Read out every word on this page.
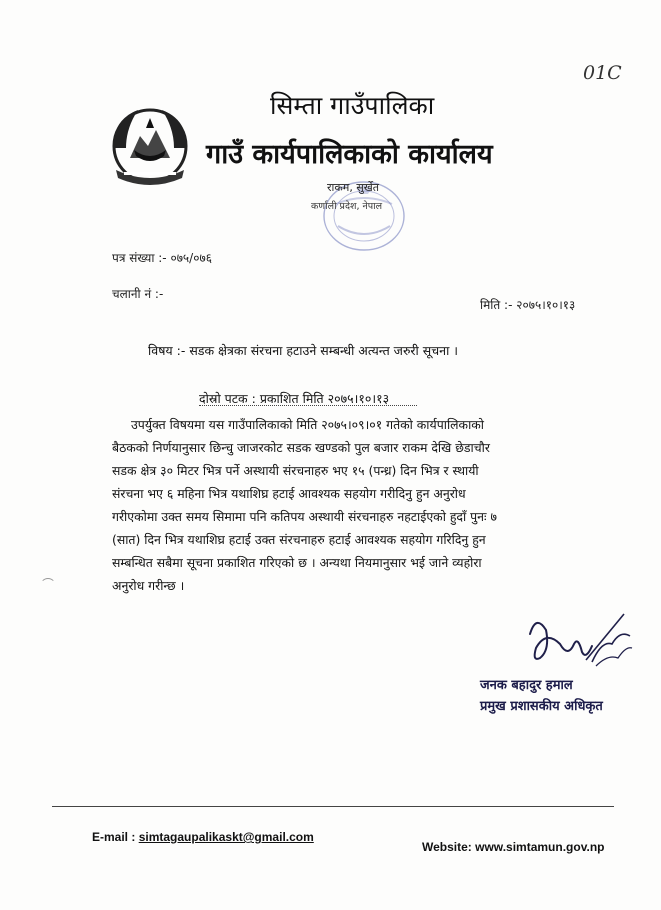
01C
सिम्ता गाउँपालिका
गाउँ कार्यपालिकाको कार्यालय
राकम, सुर्खेत
कर्णाली प्रदेश, नेपाल
पत्र संख्या :- ०७५/०७६
चलानी नं :-
मिति :- २०७५।१०।१३
विषय :- सडक क्षेत्रका संरचना हटाउने सम्बन्धी अत्यन्त जरुरी सूचना ।
दोस्रो पटक : प्रकाशित मिति २०७५।१०।१३
उपर्युक्त विषयमा यस गाउँपालिकाको मिति २०७५।०९।०१ गतेको कार्यपालिकाको
बैठकको निर्णयानुसार छिन्चु जाजरकोट सडक खण्डको पुल बजार राकम देखि छेडाचौर
सडक क्षेत्र ३० मिटर भित्र पर्ने अस्थायी संरचनाहरु भए १५ (पन्ध्र) दिन भित्र र स्थायी
संरचना भए ६ महिना भित्र यथाशिघ्र हटाई आवश्यक सहयोग गरीदिनु हुन अनुरोध
गरीएकोमा उक्त समय सिमामा पनि कतिपय अस्थायी संरचनाहरु नहटाईएको हुदाँ पुनः ७
(सात) दिन भित्र यथाशिघ्र हटाई उक्त संरचनाहरु हटाई आवश्यक सहयोग गरिदिनु हुन
सम्बन्धित सबैमा सूचना प्रकाशित गरिएको छ । अन्यथा नियमानुसार भई जाने व्यहोरा
अनुरोध गरीन्छ ।
जनक बहादुर हमाल
प्रमुख प्रशासकीय अधिकृत
E-mail : simtagaupalikaskt@gmail.com
Website: www.simtamun.gov.np
